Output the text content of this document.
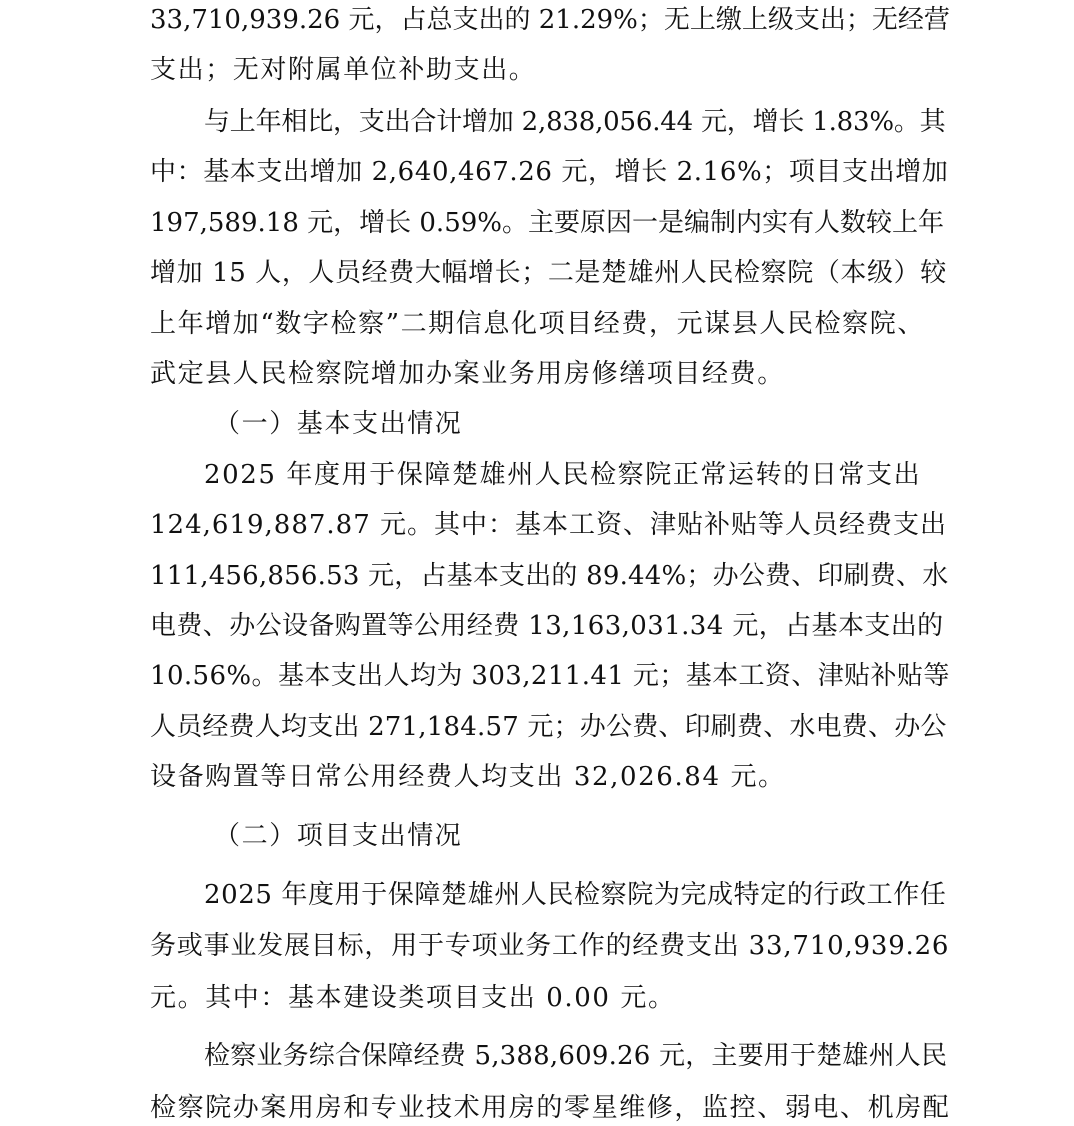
33,710,939.26 元，占总支出的 21.29%；无上缴上级支出；无经营
支出；无对附属单位补助支出。
与上年相比，支出合计增加 2,838,056.44 元，增长 1.83%。其
中：基本支出增加 2,640,467.26 元，增长 2.16%；项目支出增加
197,589.18 元，增长 0.59%。主要原因一是编制内实有人数较上年
增加 15 人，人员经费大幅增长；二是楚雄州人民检察院（本级）较
上年增加“数字检察”二期信息化项目经费，元谋县人民检察院、
武定县人民检察院增加办案业务用房修缮项目经费。
（一）基本支出情况
2025 年度用于保障楚雄州人民检察院正常运转的日常支出
124,619,887.87 元。其中：基本工资、津贴补贴等人员经费支出
111,456,856.53 元，占基本支出的 89.44%；办公费、印刷费、水
电费、办公设备购置等公用经费 13,163,031.34 元，占基本支出的
10.56%。基本支出人均为 303,211.41 元；基本工资、津贴补贴等
人员经费人均支出 271,184.57 元；办公费、印刷费、水电费、办公
设备购置等日常公用经费人均支出 32,026.84 元。
（二）项目支出情况
2025 年度用于保障楚雄州人民检察院为完成特定的行政工作任
务或事业发展目标，用于专项业务工作的经费支出 33,710,939.26
元。其中：基本建设类项目支出 0.00 元。
检察业务综合保障经费 5,388,609.26 元，主要用于楚雄州人民
检察院办案用房和专业技术用房的零星维修，监控、弱电、机房配
